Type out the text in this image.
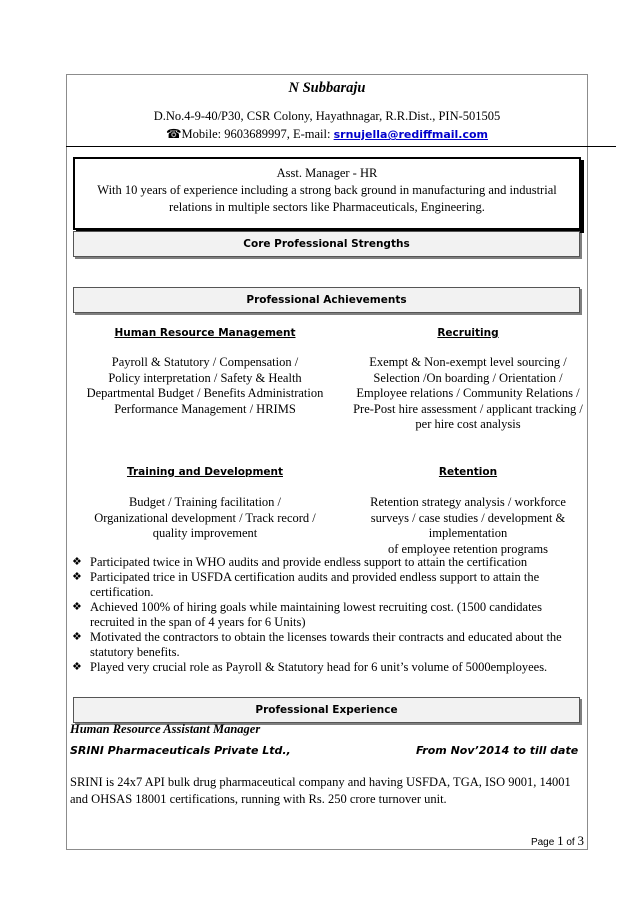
N Subbaraju
D.No.4-9-40/P30, CSR Colony, Hayathnagar, R.R.Dist., PIN-501505
☎Mobile: 9603689997, E-mail: srnujella@rediffmail.com
Asst. Manager - HR
With 10 years of experience including a strong back ground in manufacturing and industrial relations in multiple sectors like Pharmaceuticals, Engineering.
Core Professional Strengths
Professional Achievements
Human Resource Management
Payroll & Statutory / Compensation /
Policy interpretation / Safety & Health
Departmental Budget / Benefits Administration
Performance Management / HRIMS
Recruiting
Exempt & Non-exempt level sourcing /
Selection /On boarding / Orientation /
Employee relations / Community Relations /
Pre-Post hire assessment / applicant tracking /
per hire cost analysis
Training and Development
Budget / Training facilitation /
Organizational development / Track record /
quality improvement
Retention
Retention strategy analysis / workforce
surveys / case studies / development &
implementation
of employee retention programs
❖ Participated twice in WHO audits and provide endless support to attain the certification
❖ Participated trice in USFDA certification audits and provided endless support to attain the certification.
❖ Achieved 100% of hiring goals while maintaining lowest recruiting cost. (1500 candidates recruited in the span of 4 years for 6 Units)
❖ Motivated the contractors to obtain the licenses towards their contracts and educated about the statutory benefits.
❖ Played very crucial role as Payroll & Statutory head for 6 unit’s volume of 5000employees.
Professional Experience
Human Resource Assistant Manager
SRINI Pharmaceuticals Private Ltd.,	From Nov’2014 to till date
SRINI is 24x7 API bulk drug pharmaceutical company and having USFDA, TGA, ISO 9001, 14001 and OHSAS 18001 certifications, running with Rs. 250 crore turnover unit.
Page 1 of 3
